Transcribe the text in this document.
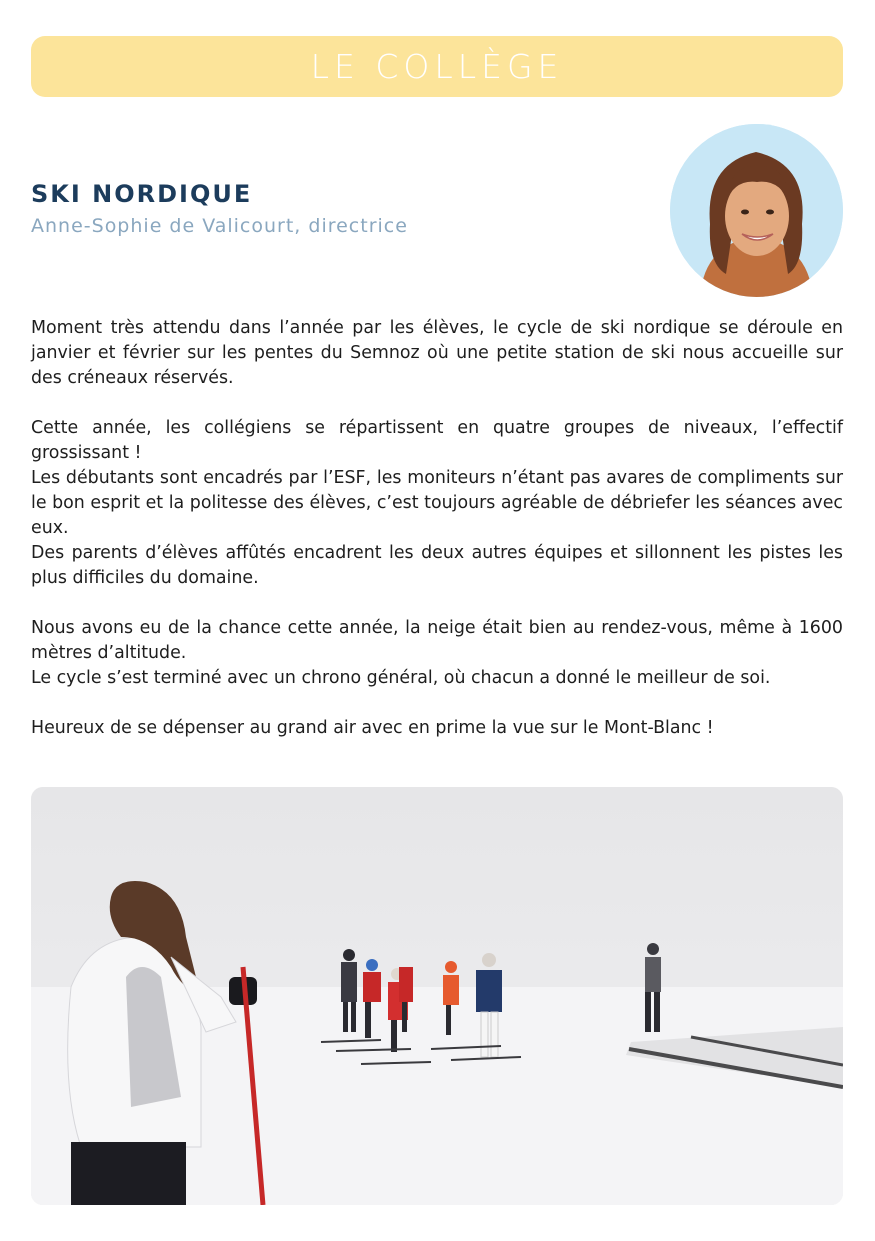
LE COLLÈGE
SKI NORDIQUE
Anne-Sophie de Valicourt, directrice

Moment très attendu dans l’année par les élèves, le cycle de ski nordique se déroule en janvier et février sur les pentes du Semnoz où une petite station de ski nous accueille sur des créneaux réservés.

Cette année, les collégiens se répartissent en quatre groupes de niveaux, l’effectif grossissant !

Les débutants sont encadrés par l’ESF, les moniteurs n’étant pas avares de compliments sur le bon esprit et la politesse des élèves, c’est toujours agréable de débriefer les séances avec eux.

Des parents d’élèves affûtés encadrent les deux autres équipes et sillonnent les pistes les plus difficiles du domaine.

Nous avons eu de la chance cette année, la neige était bien au rendez-vous, même à 1600 mètres d’altitude.

Le cycle s’est terminé avec un chrono général, où chacun a donné le meilleur de soi.

Heureux de se dépenser au grand air avec en prime la vue sur le Mont-Blanc !
